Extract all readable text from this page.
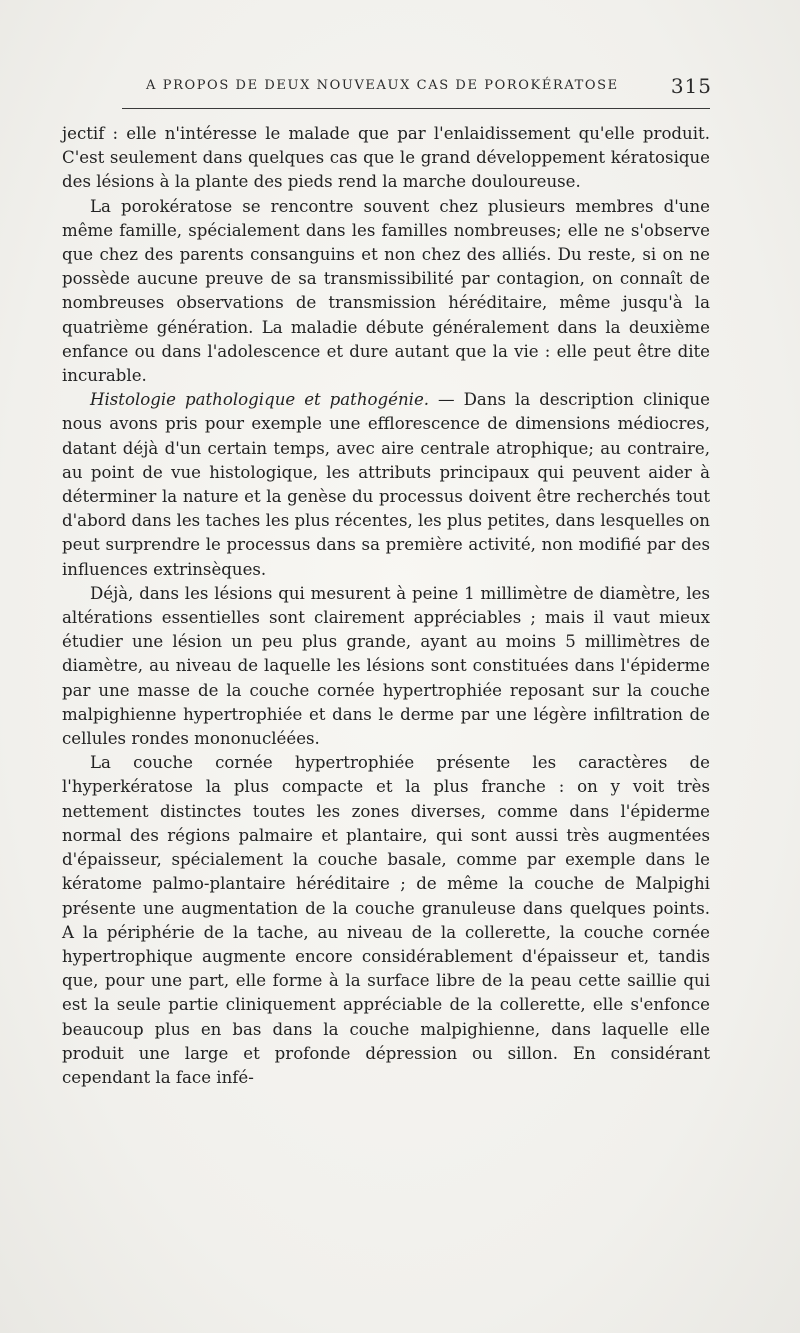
A PROPOS DE DEUX NOUVEAUX CAS DE POROKÉRATOSE	315

jectif : elle n'intéresse le malade que par l'enlaidissement qu'elle produit. C'est seulement dans quelques cas que le grand développement kératosique des lésions à la plante des pieds rend la marche douloureuse.

La porokératose se rencontre souvent chez plusieurs membres d'une même famille, spécialement dans les familles nombreuses; elle ne s'observe que chez des parents consanguins et non chez des alliés. Du reste, si on ne possède aucune preuve de sa transmissibilité par contagion, on connaît de nombreuses observations de transmission héréditaire, même jusqu'à la quatrième génération. La maladie débute généralement dans la deuxième enfance ou dans l'adolescence et dure autant que la vie : elle peut être dite incurable.

Histologie pathologique et pathogénie. — Dans la description clinique nous avons pris pour exemple une efflorescence de dimensions médiocres, datant déjà d'un certain temps, avec aire centrale atrophique; au contraire, au point de vue histologique, les attributs principaux qui peuvent aider à déterminer la nature et la genèse du processus doivent être recherchés tout d'abord dans les taches les plus récentes, les plus petites, dans lesquelles on peut surprendre le processus dans sa première activité, non modifié par des influences extrinsèques.

Déjà, dans les lésions qui mesurent à peine 1 millimètre de diamètre, les altérations essentielles sont clairement appréciables ; mais il vaut mieux étudier une lésion un peu plus grande, ayant au moins 5 millimètres de diamètre, au niveau de laquelle les lésions sont constituées dans l'épiderme par une masse de la couche cornée hypertrophiée reposant sur la couche malpighienne hypertrophiée et dans le derme par une légère infiltration de cellules rondes mononucléées.

La couche cornée hypertrophiée présente les caractères de l'hyperkératose la plus compacte et la plus franche : on y voit très nettement distinctes toutes les zones diverses, comme dans l'épiderme normal des régions palmaire et plantaire, qui sont aussi très augmentées d'épaisseur, spécialement la couche basale, comme par exemple dans le kératome palmo-plantaire héréditaire ; de même la couche de Malpighi présente une augmentation de la couche granuleuse dans quelques points. A la périphérie de la tache, au niveau de la collerette, la couche cornée hypertrophique augmente encore considérablement d'épaisseur et, tandis que, pour une part, elle forme à la surface libre de la peau cette saillie qui est la seule partie cliniquement appréciable de la collerette, elle s'enfonce beaucoup plus en bas dans la couche malpighienne, dans laquelle elle produit une large et profonde dépression ou sillon. En considérant cependant la face infé-
